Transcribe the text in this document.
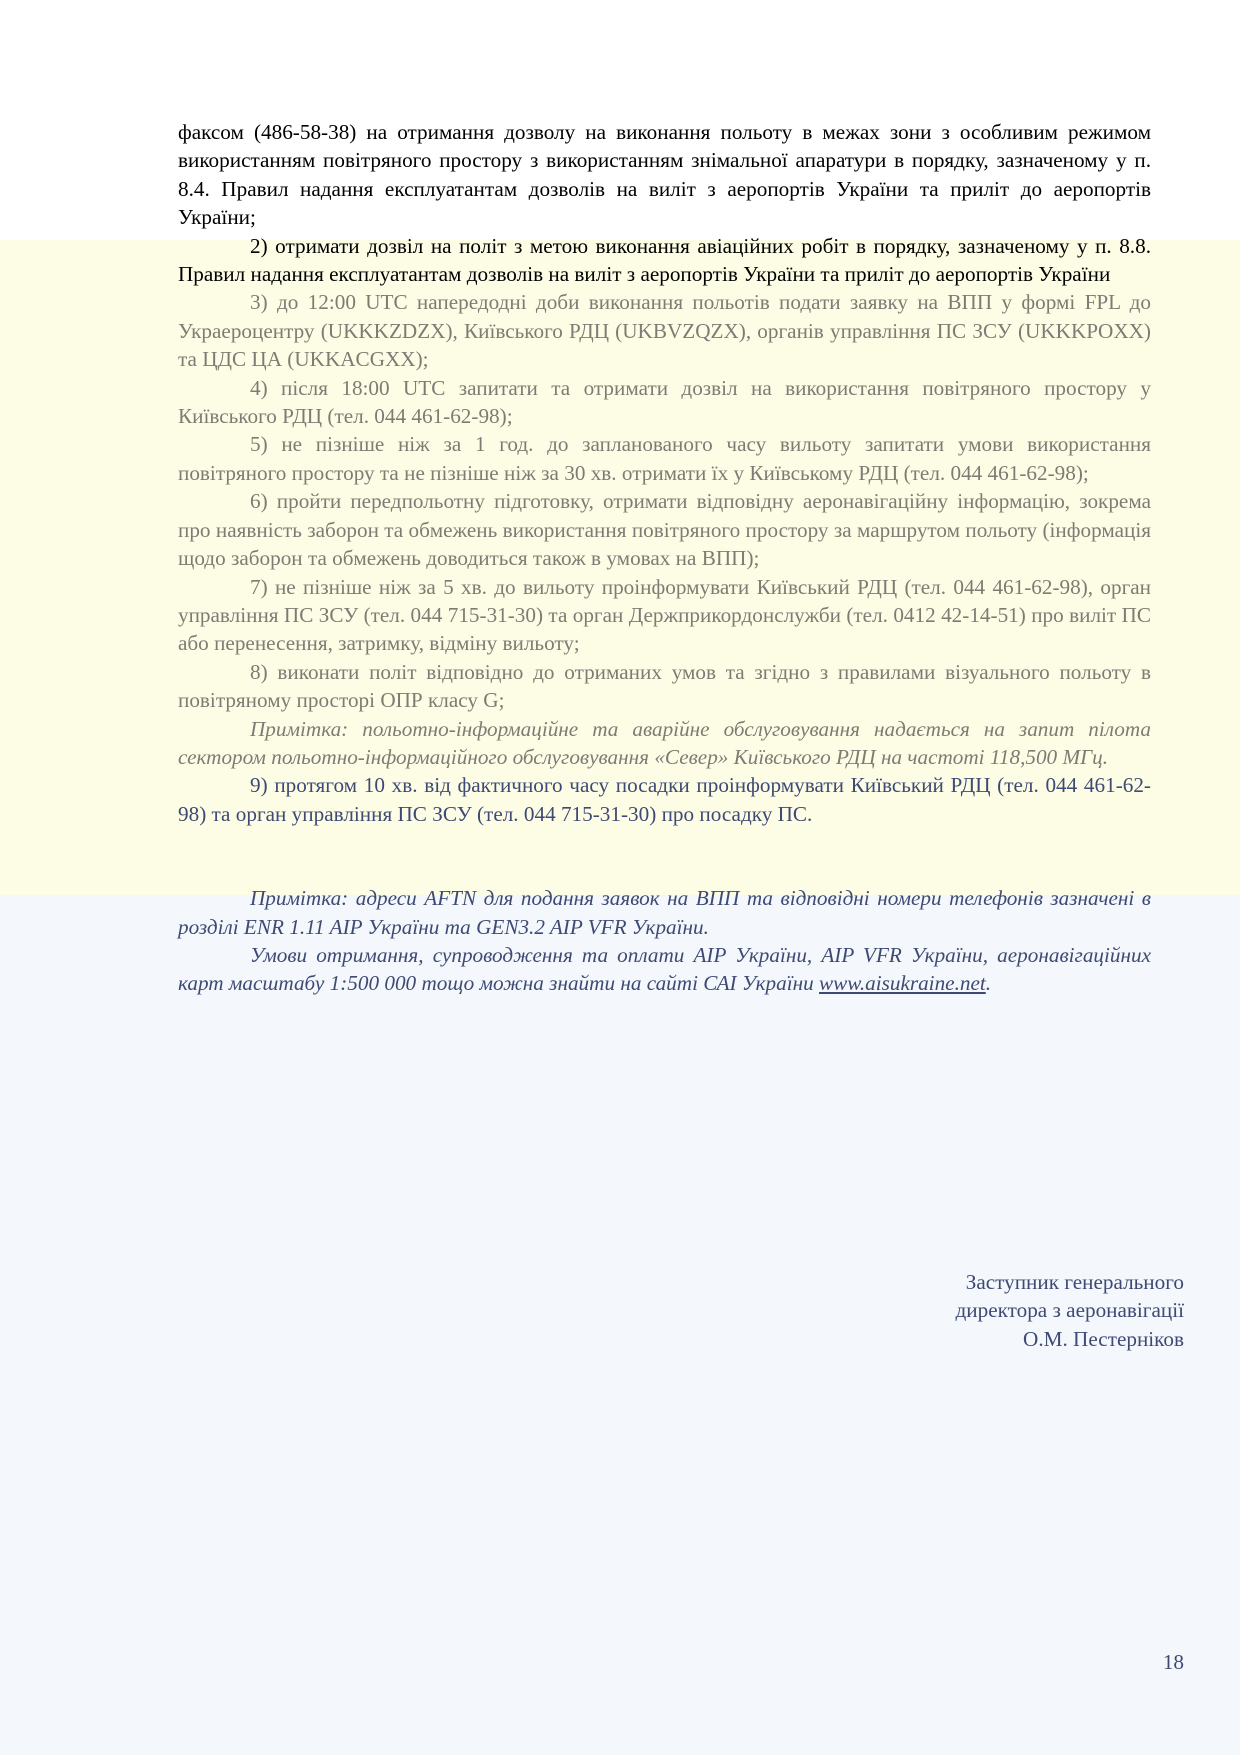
факсом (486-58-38) на отримання дозволу на виконання польоту в межах зони з особливим режимом використанням повітряного простору з використанням знімальної апаратури в порядку, зазначеному у п. 8.4. Правил надання експлуатантам дозволів на виліт з аеропортів України та приліт до аеропортів України;

2) отримати дозвіл на політ з метою виконання авіаційних робіт в порядку, зазначеному у п. 8.8. Правил надання експлуатантам дозволів на виліт з аеропортів України та приліт до аеропортів України

3) до 12:00 UTC напередодні доби виконання польотів подати заявку на ВПП у формі FPL до Украероцентру (UKKKZDZX), Київського РДЦ (UKBVZQZX), органів управління ПС ЗСУ (UKKKPOXX) та ЦДС ЦА (UKKACGXX);

4) після 18:00 UTC запитати та отримати дозвіл на використання повітряного простору у Київського РДЦ (тел. 044 461-62-98);

5) не пізніше ніж за 1 год. до запланованого часу вильоту запитати умови використання повітряного простору та не пізніше ніж за 30 хв. отримати їх у Київському РДЦ (тел. 044 461-62-98);

6) пройти передпольотну підготовку, отримати відповідну аеронавігаційну інформацію, зокрема про наявність заборон та обмежень використання повітряного простору за маршрутом польоту (інформація щодо заборон та обмежень доводиться також в умовах на ВПП);

7) не пізніше ніж за 5 хв. до вильоту проінформувати Київський РДЦ (тел. 044 461-62-98), орган управління ПС ЗСУ (тел. 044 715-31-30) та орган Держприкордонслужби (тел. 0412 42-14-51) про виліт ПС або перенесення, затримку, відміну вильоту;

8) виконати політ відповідно до отриманих умов та згідно з правилами візуального польоту в повітряному просторі ОПР класу G;

Примітка: польотно-інформаційне та аварійне обслуговування надається на запит пілота сектором польотно-інформаційного обслуговування «Север» Київського РДЦ на частоті 118,500 МГц.

9) протягом 10 хв. від фактичного часу посадки проінформувати Київський РДЦ (тел. 044 461-62-98) та орган управління ПС ЗСУ (тел. 044 715-31-30) про посадку ПС.

Примітка: адреси AFTN для подання заявок на ВПП та відповідні номери телефонів зазначені в розділі ENR 1.11 AIP України та GEN3.2 AIP VFR України.

Умови отримання, супроводження та оплати AIP України, AIP VFR України, аеронавігаційних карт масштабу 1:500 000 тощо можна знайти на сайті САІ України www.aisukraine.net.

Заступник генерального
директора з аеронавігації
О.М. Пестерніков
18
